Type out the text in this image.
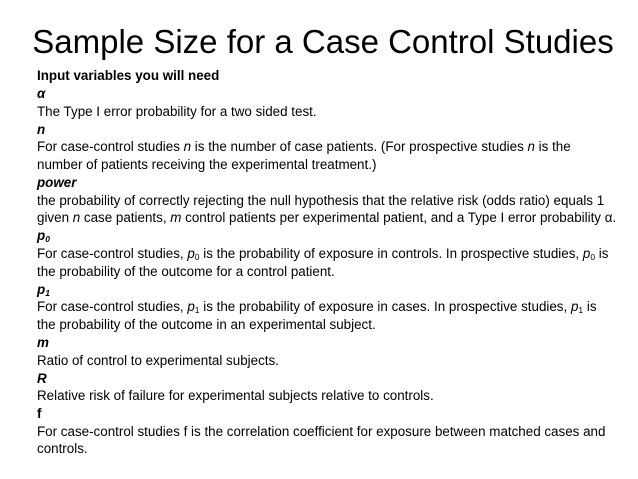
Sample Size for a Case Control Studies
Input variables you will need
α
The Type I error probability for a two sided test.
n
For case-control studies n is the number of case patients. (For prospective studies n is the number of patients receiving the experimental treatment.)
power
the probability of correctly rejecting the null hypothesis that the relative risk (odds ratio) equals 1 given n case patients, m control patients per experimental patient, and a Type I error probability α.
$p_0$
For case-control studies, $p_0$ is the probability of exposure in controls. In prospective studies, $p_0$ is the probability of the outcome for a control patient.
$p_1$
For case-control studies, $p_1$ is the probability of exposure in cases. In prospective studies, $p_1$ is the probability of the outcome in an experimental subject.
m
Ratio of control to experimental subjects.
R
Relative risk of failure for experimental subjects relative to controls.
f
For case-control studies f is the correlation coefficient for exposure between matched cases and controls.
